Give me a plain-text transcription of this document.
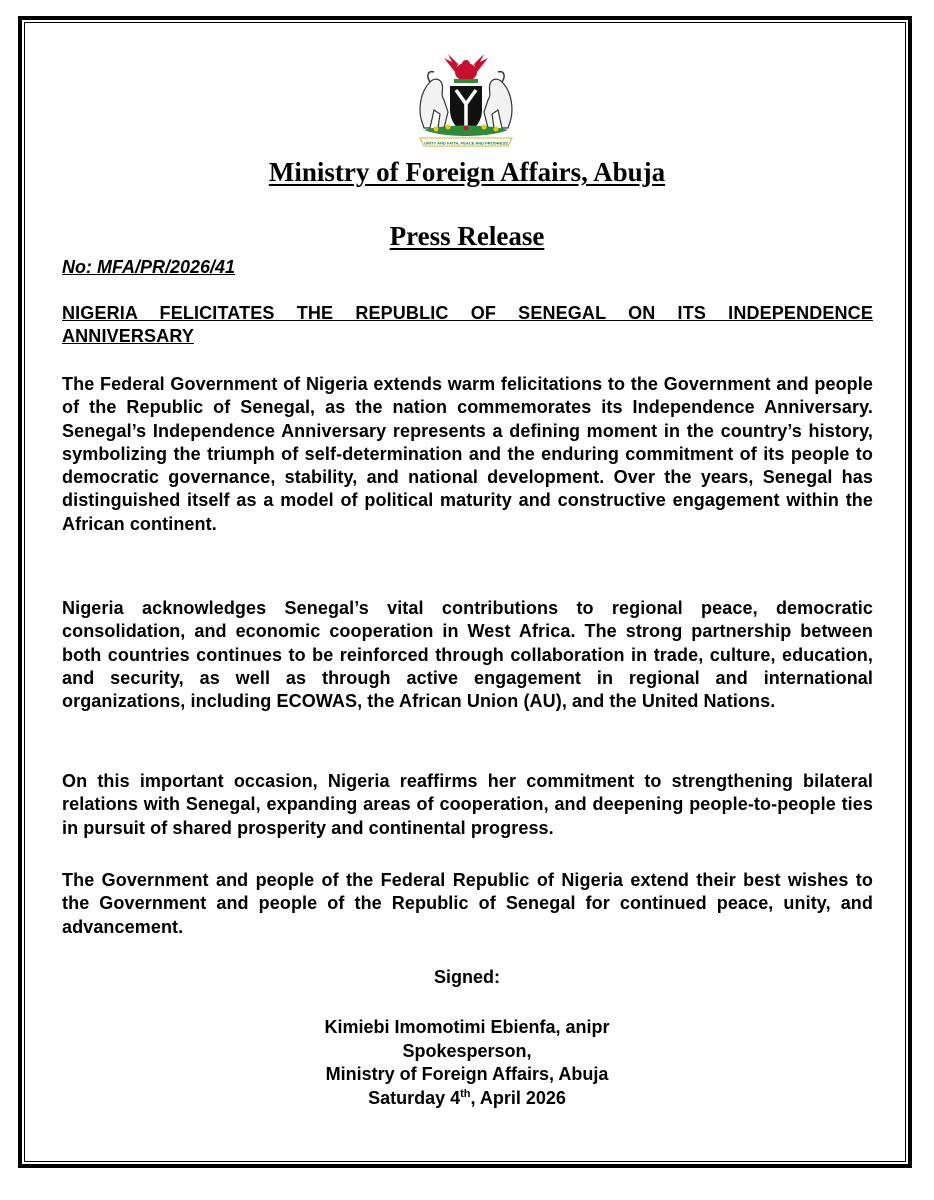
UNITY AND FAITH, PEACE AND PROGRESS
Ministry of Foreign Affairs, Abuja
Press Release
No: MFA/PR/2026/41
NIGERIA FELICITATES THE REPUBLIC OF SENEGAL ON ITS INDEPENDENCE ANNIVERSARY
The Federal Government of Nigeria extends warm felicitations to the Government and people of the Republic of Senegal, as the nation commemorates its Independence Anniversary. Senegal’s Independence Anniversary represents a defining moment in the country’s history, symbolizing the triumph of self-determination and the enduring commitment of its people to democratic governance, stability, and national development. Over the years, Senegal has distinguished itself as a model of political maturity and constructive engagement within the African continent.
Nigeria acknowledges Senegal’s vital contributions to regional peace, democratic consolidation, and economic cooperation in West Africa. The strong partnership between both countries continues to be reinforced through collaboration in trade, culture, education, and security, as well as through active engagement in regional and international organizations, including ECOWAS, the African Union (AU), and the United Nations.
On this important occasion, Nigeria reaffirms her commitment to strengthening bilateral relations with Senegal, expanding areas of cooperation, and deepening people-to-people ties in pursuit of shared prosperity and continental progress.
The Government and people of the Federal Republic of Nigeria extend their best wishes to the Government and people of the Republic of Senegal for continued peace, unity, and advancement.
Signed:
Kimiebi Imomotimi Ebienfa, anipr
Spokesperson,
Ministry of Foreign Affairs, Abuja
Saturday 4th, April 2026
